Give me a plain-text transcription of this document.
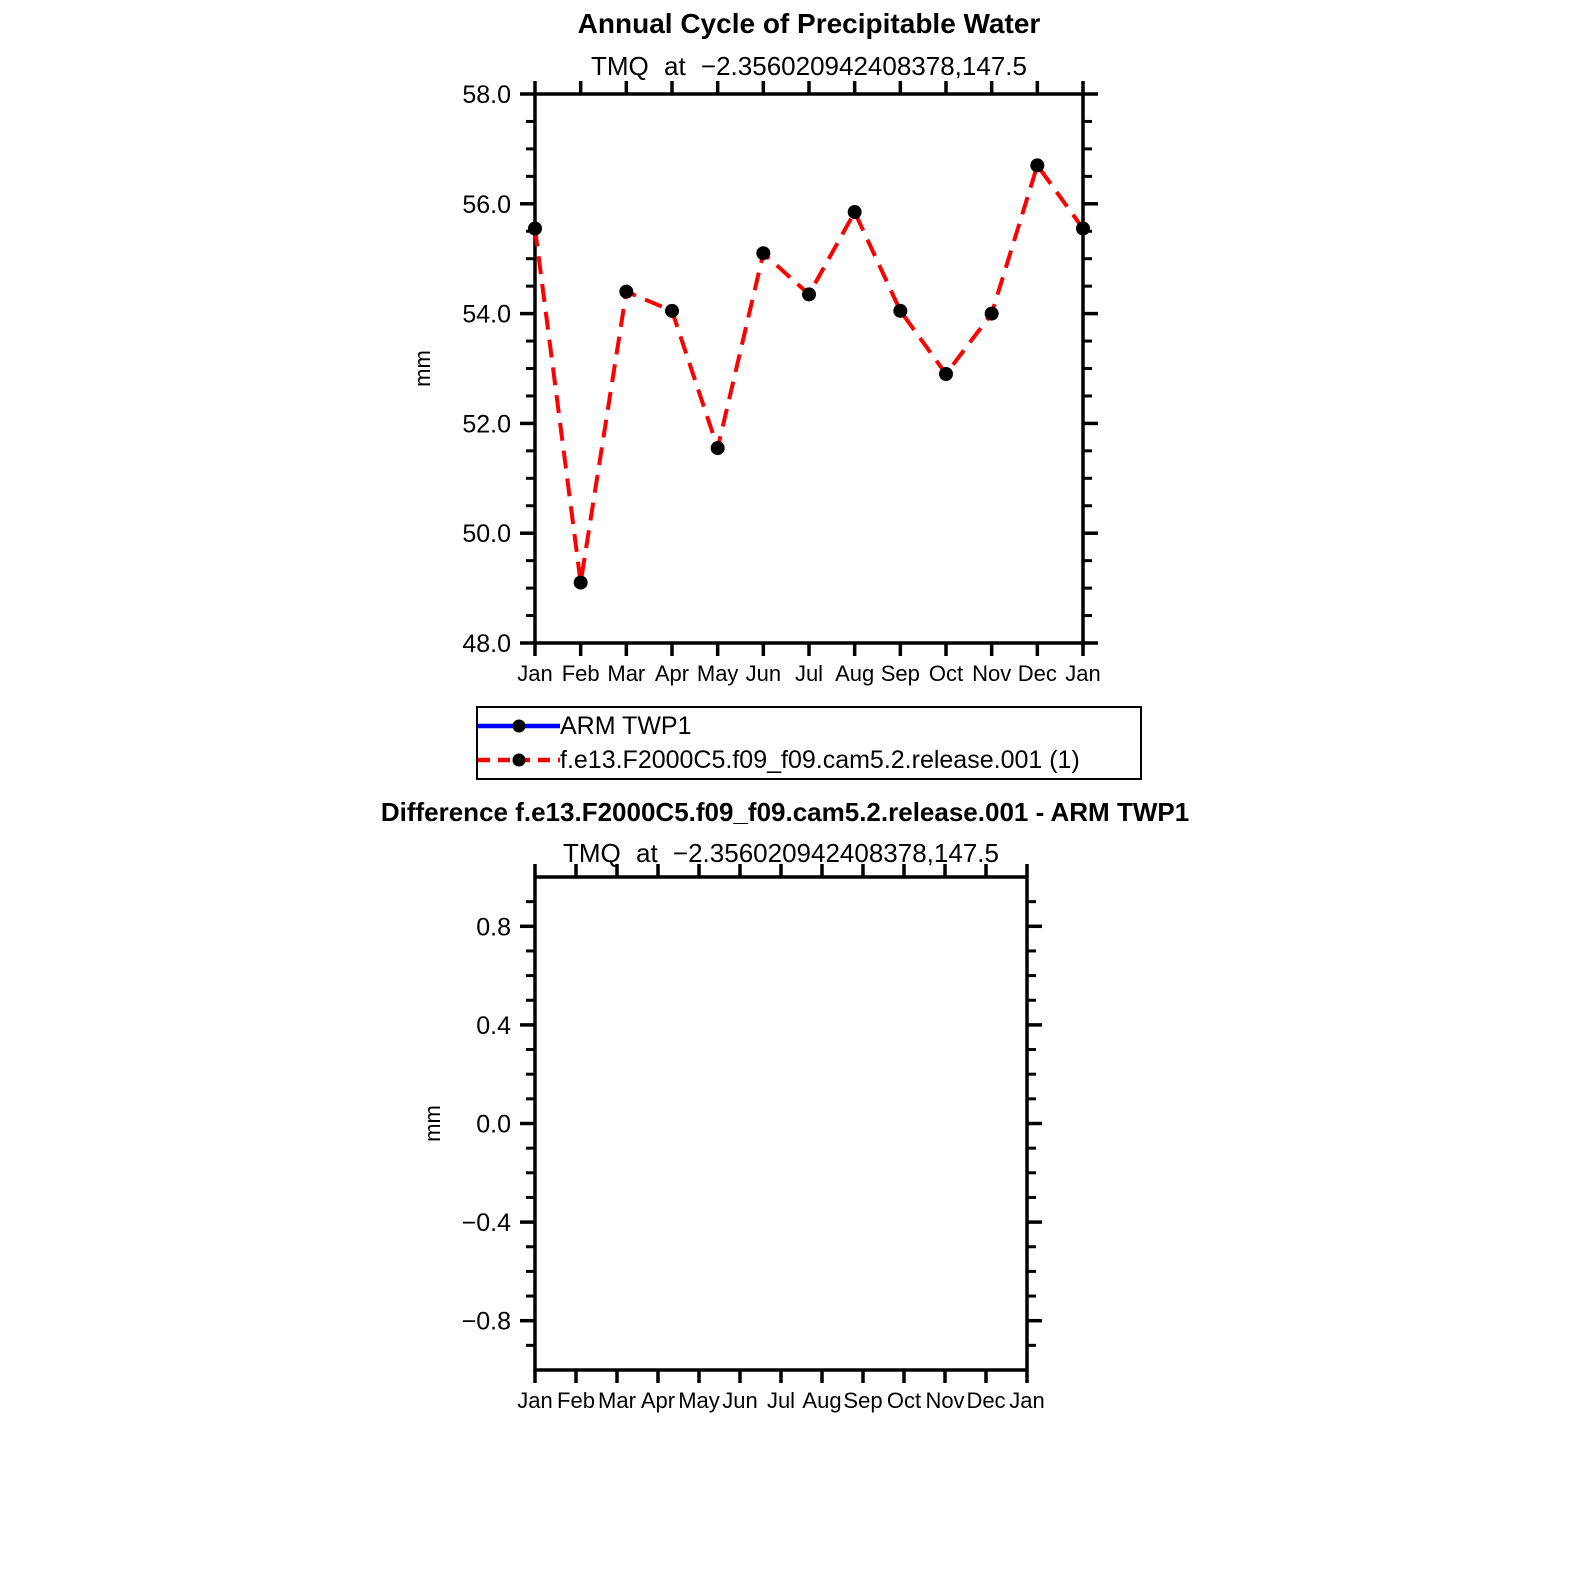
Annual Cycle of Precipitable Water
TMQ at −2.356020942408378,147.5
58.0
56.0
54.0
52.0
50.0
48.0
Jan Feb Mar Apr May Jun Jul Aug Sep Oct Nov Dec Jan
mm
0.8
0.4
0.0
−0.4
−0.8
Jan Feb Mar Apr May Jun Jul Aug Sep Oct Nov Dec Jan
mm
ARM TWP1
f.e13.F2000C5.f09_f09.cam5.2.release.001 (1)
Difference f.e13.F2000C5.f09_f09.cam5.2.release.001 - ARM TWP1
TMQ at −2.356020942408378,147.5
